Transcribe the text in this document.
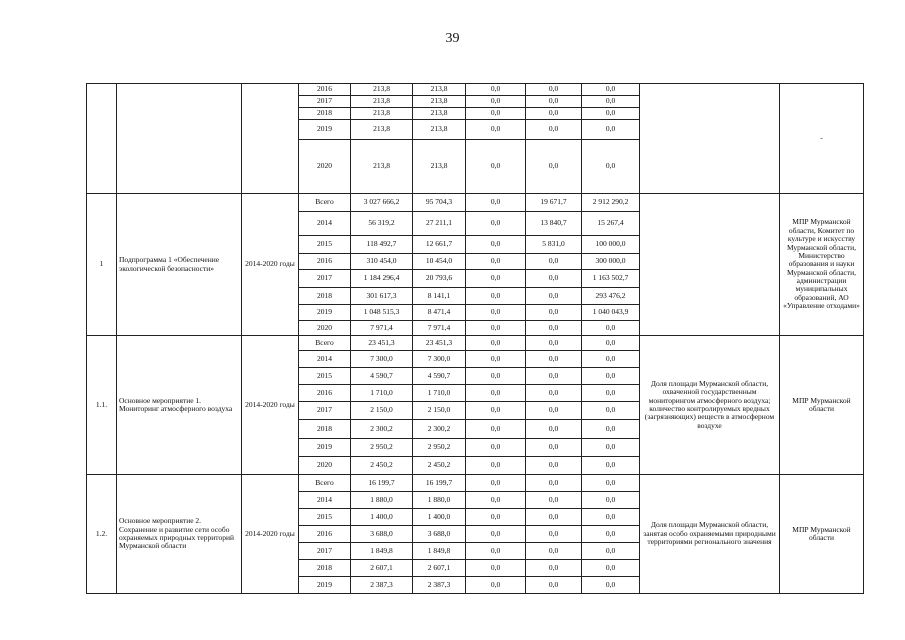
39
			2016	213,8	213,8	0,0	0,0	0,0		-
			2017	213,8	213,8	0,0	0,0	0,0		
			2018	213,8	213,8	0,0	0,0	0,0		
			2019	213,8	213,8	0,0	0,0	0,0		
			2020	213,8	213,8	0,0	0,0	0,0		
1	Подпрограмма 1 «Обеспечение экологической безопасности»	2014-2020 годы	Всего	3 027 666,2	95 704,3	0,0	19 671,7	2 912 290,2		МПР Мурманской области, Комитет по культуре и искусству Мурманской области, Министерство образования и науки Мурманской области, администрации муниципальных образований, АО «Управление отходами»
			2014	56 319,2	27 211,1	0,0	13 840,7	15 267,4		
			2015	118 492,7	12 661,7	0,0	5 831,0	100 000,0		
			2016	310 454,0	10 454,0	0,0	0,0	300 000,0		
			2017	1 184 296,4	20 793,6	0,0	0,0	1 163 502,7		
			2018	301 617,3	8 141,1	0,0	0,0	293 476,2		
			2019	1 048 515,3	8 471,4	0,0	0,0	1 040 043,9		
			2020	7 971,4	7 971,4	0,0	0,0	0,0		
1.1.	Основное мероприятие 1. Мониторинг атмосферного воздуха	2014-2020 годы	Всего	23 451,3	23 451,3	0,0	0,0	0,0	Доля площади Мурманской области, охваченной государственным мониторингом атмосферного воздуха; количество контролируемых вредных (загрязняющих) веществ в атмосферном воздухе	МПР Мурманской области
			2014	7 300,0	7 300,0	0,0	0,0	0,0		
			2015	4 590,7	4 590,7	0,0	0,0	0,0		
			2016	1 710,0	1 710,0	0,0	0,0	0,0		
			2017	2 150,0	2 150,0	0,0	0,0	0,0		
			2018	2 300,2	2 300,2	0,0	0,0	0,0		
			2019	2 950,2	2 950,2	0,0	0,0	0,0		
			2020	2 450,2	2 450,2	0,0	0,0	0,0		
1.2.	Основное мероприятие 2. Сохранение и развитие сети особо охраняемых природных территорий Мурманской области	2014-2020 годы	Всего	16 199,7	16 199,7	0,0	0,0	0,0	Доля площади Мурманской области, занятая особо охраняемыми природными территориями регионального значения	МПР Мурманской области
			2014	1 880,0	1 880,0	0,0	0,0	0,0		
			2015	1 400,0	1 400,0	0,0	0,0	0,0		
			2016	3 688,0	3 688,0	0,0	0,0	0,0		
			2017	1 849,8	1 849,8	0,0	0,0	0,0		
			2018	2 607,1	2 607,1	0,0	0,0	0,0		
			2019	2 387,3	2 387,3	0,0	0,0	0,0		
